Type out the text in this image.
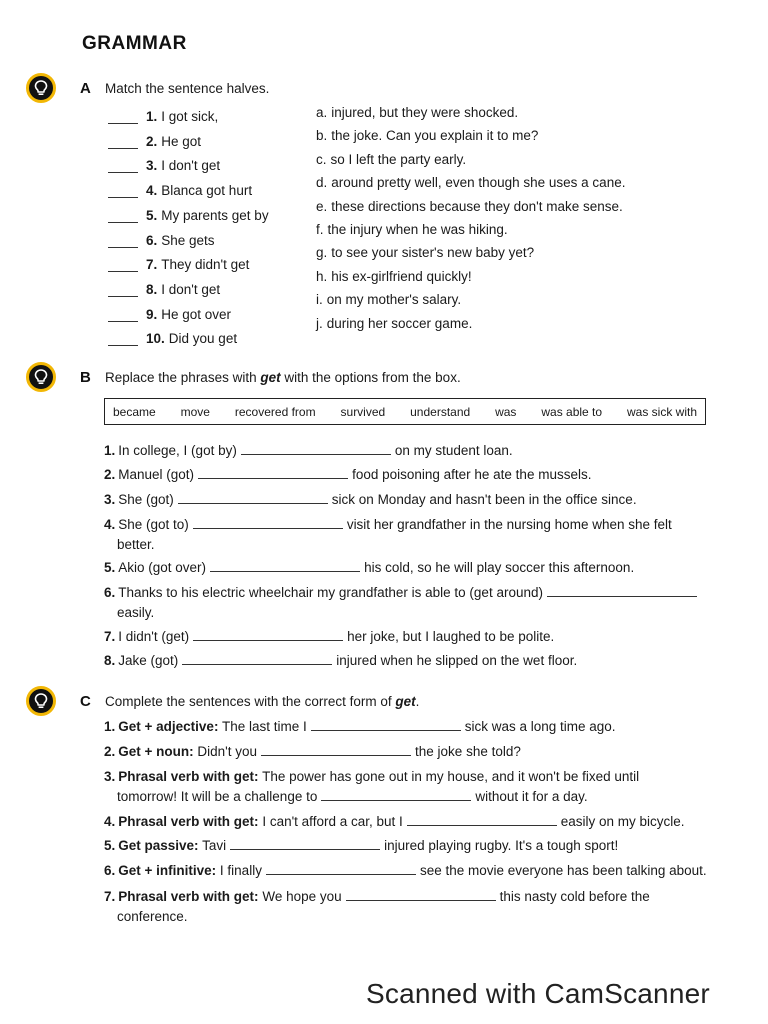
GRAMMAR
A Match the sentence halves.
1. I got sick,
2. He got
3. I don't get
4. Blanca got hurt
5. My parents get by
6. She gets
7. They didn't get
8. I don't get
9. He got over
10. Did you get
a. injured, but they were shocked.
b. the joke. Can you explain it to me?
c. so I left the party early.
d. around pretty well, even though she uses a cane.
e. these directions because they don't make sense.
f. the injury when he was hiking.
g. to see your sister's new baby yet?
h. his ex-girlfriend quickly!
i. on my mother's salary.
j. during her soccer game.
B Replace the phrases with get with the options from the box.
became move recovered from survived understand was was able to was sick with
1. In college, I (got by)	on my student loan.
2. Manuel (got)	food poisoning after he ate the mussels.
3. She (got)	sick on Monday and hasn't been in the office since.
4. She (got to)	visit her grandfather in the nursing home when she felt
better.
5. Akio (got over)	his cold, so he will play soccer this afternoon.
6. Thanks to his electric wheelchair my grandfather is able to (get around)
easily.
7. I didn't (get)	her joke, but I laughed to be polite.
8. Jake (got)	injured when he slipped on the wet floor.
C Complete the sentences with the correct form of get.
1. Get + adjective: The last time I	sick was a long time ago.
2. Get + noun: Didn't you	the joke she told?
3. Phrasal verb with get: The power has gone out in my house, and it won't be fixed until
tomorrow! It will be a challenge to	without it for a day.
4. Phrasal verb with get: I can't afford a car, but I	easily on my bicycle.
5. Get passive: Tavi	injured playing rugby. It's a tough sport!
6. Get + infinitive: I finally	see the movie everyone has been talking about.
7. Phrasal verb with get: We hope you	this nasty cold before the
conference.
Scanned with CamScanner
